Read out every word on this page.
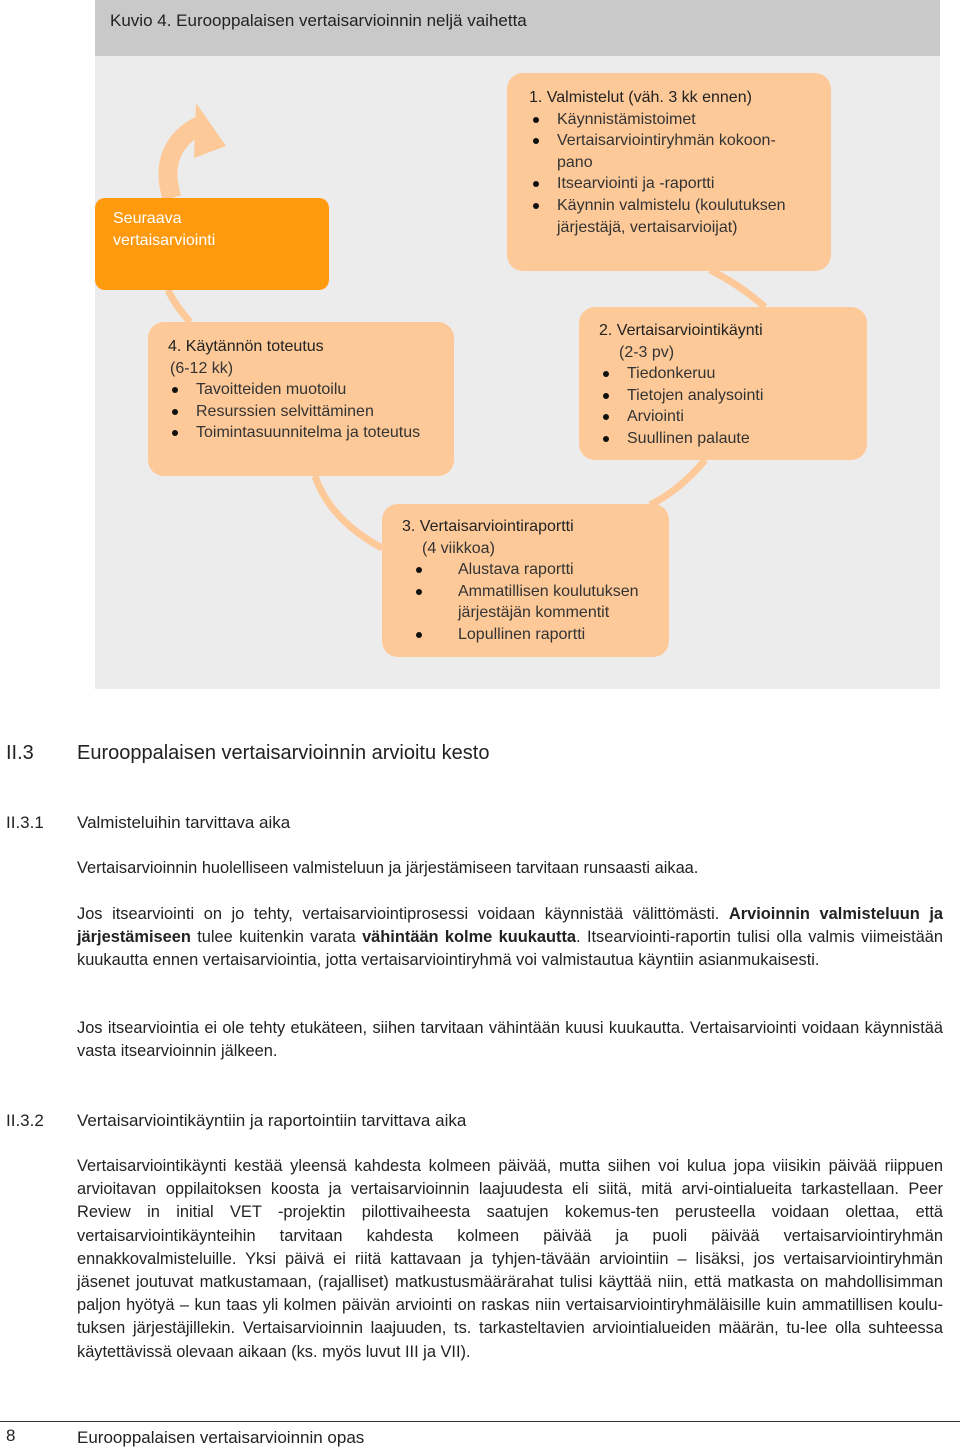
Kuvio 4. Eurooppalaisen vertaisarvioinnin neljä vaihetta
Seuraava
vertaisarviointi
1. Valmistelut (väh. 3 kk ennen)
Käynnistämistoimet
Vertaisarviointiryhmän kokoon-pano
Itsearviointi ja -raportti
Käynnin valmistelu (koulutuksen järjestäjä, vertaisarvioijat)
4. Käytännön toteutus
(6-12 kk)
Tavoitteiden muotoilu
Resurssien selvittäminen
Toimintasuunnitelma ja toteutus
2. Vertaisarviointikäynti
(2-3 pv)
Tiedonkeruu
Tietojen analysointi
Arviointi
Suullinen palaute
3. Vertaisarviointiraportti
(4 viikkoa)
Alustava raportti
Ammatillisen koulutuksen järjestäjän kommentit
Lopullinen raportti
II.3 Eurooppalaisen vertaisarvioinnin arvioitu kesto
II.3.1 Valmisteluihin tarvittava aika
Vertaisarvioinnin huolelliseen valmisteluun ja järjestämiseen tarvitaan runsaasti aikaa.
Jos itsearviointi on jo tehty, vertaisarviointiprosessi voidaan käynnistää välittömästi. Arvioinnin valmisteluun ja järjestämiseen tulee kuitenkin varata vähintään kolme kuukautta. Itsearviointi-raportin tulisi olla valmis viimeistään kuukautta ennen vertaisarviointia, jotta vertaisarviointiryhmä voi valmistautua käyntiin asianmukaisesti.
Jos itsearviointia ei ole tehty etukäteen, siihen tarvitaan vähintään kuusi kuukautta. Vertaisarviointi voidaan käynnistää vasta itsearvioinnin jälkeen.
II.3.2 Vertaisarviointikäyntiin ja raportointiin tarvittava aika
Vertaisarviointikäynti kestää yleensä kahdesta kolmeen päivää, mutta siihen voi kulua jopa viisikin päivää riippuen arvioitavan oppilaitoksen koosta ja vertaisarvioinnin laajuudesta eli siitä, mitä arvi-ointialueita tarkastellaan. Peer Review in initial VET -projektin pilottivaiheesta saatujen kokemus-ten perusteella voidaan olettaa, että vertaisarviointikäynteihin tarvitaan kahdesta kolmeen päivää ja puoli päivää vertaisarviointiryhmän ennakkovalmisteluille. Yksi päivä ei riitä kattavaan ja tyhjen-tävään arviointiin – lisäksi, jos vertaisarviointiryhmän jäsenet joutuvat matkustamaan, (rajalliset) matkustusmäärärahat tulisi käyttää niin, että matkasta on mahdollisimman paljon hyötyä – kun taas yli kolmen päivän arviointi on raskas niin vertaisarviointiryhmäläisille kuin ammatillisen koulu-tuksen järjestäjillekin. Vertaisarvioinnin laajuuden, ts. tarkasteltavien arviointialueiden määrän, tu-lee olla suhteessa käytettävissä olevaan aikaan (ks. myös luvut III ja VII).
8	Eurooppalaisen vertaisarvioinnin opas
